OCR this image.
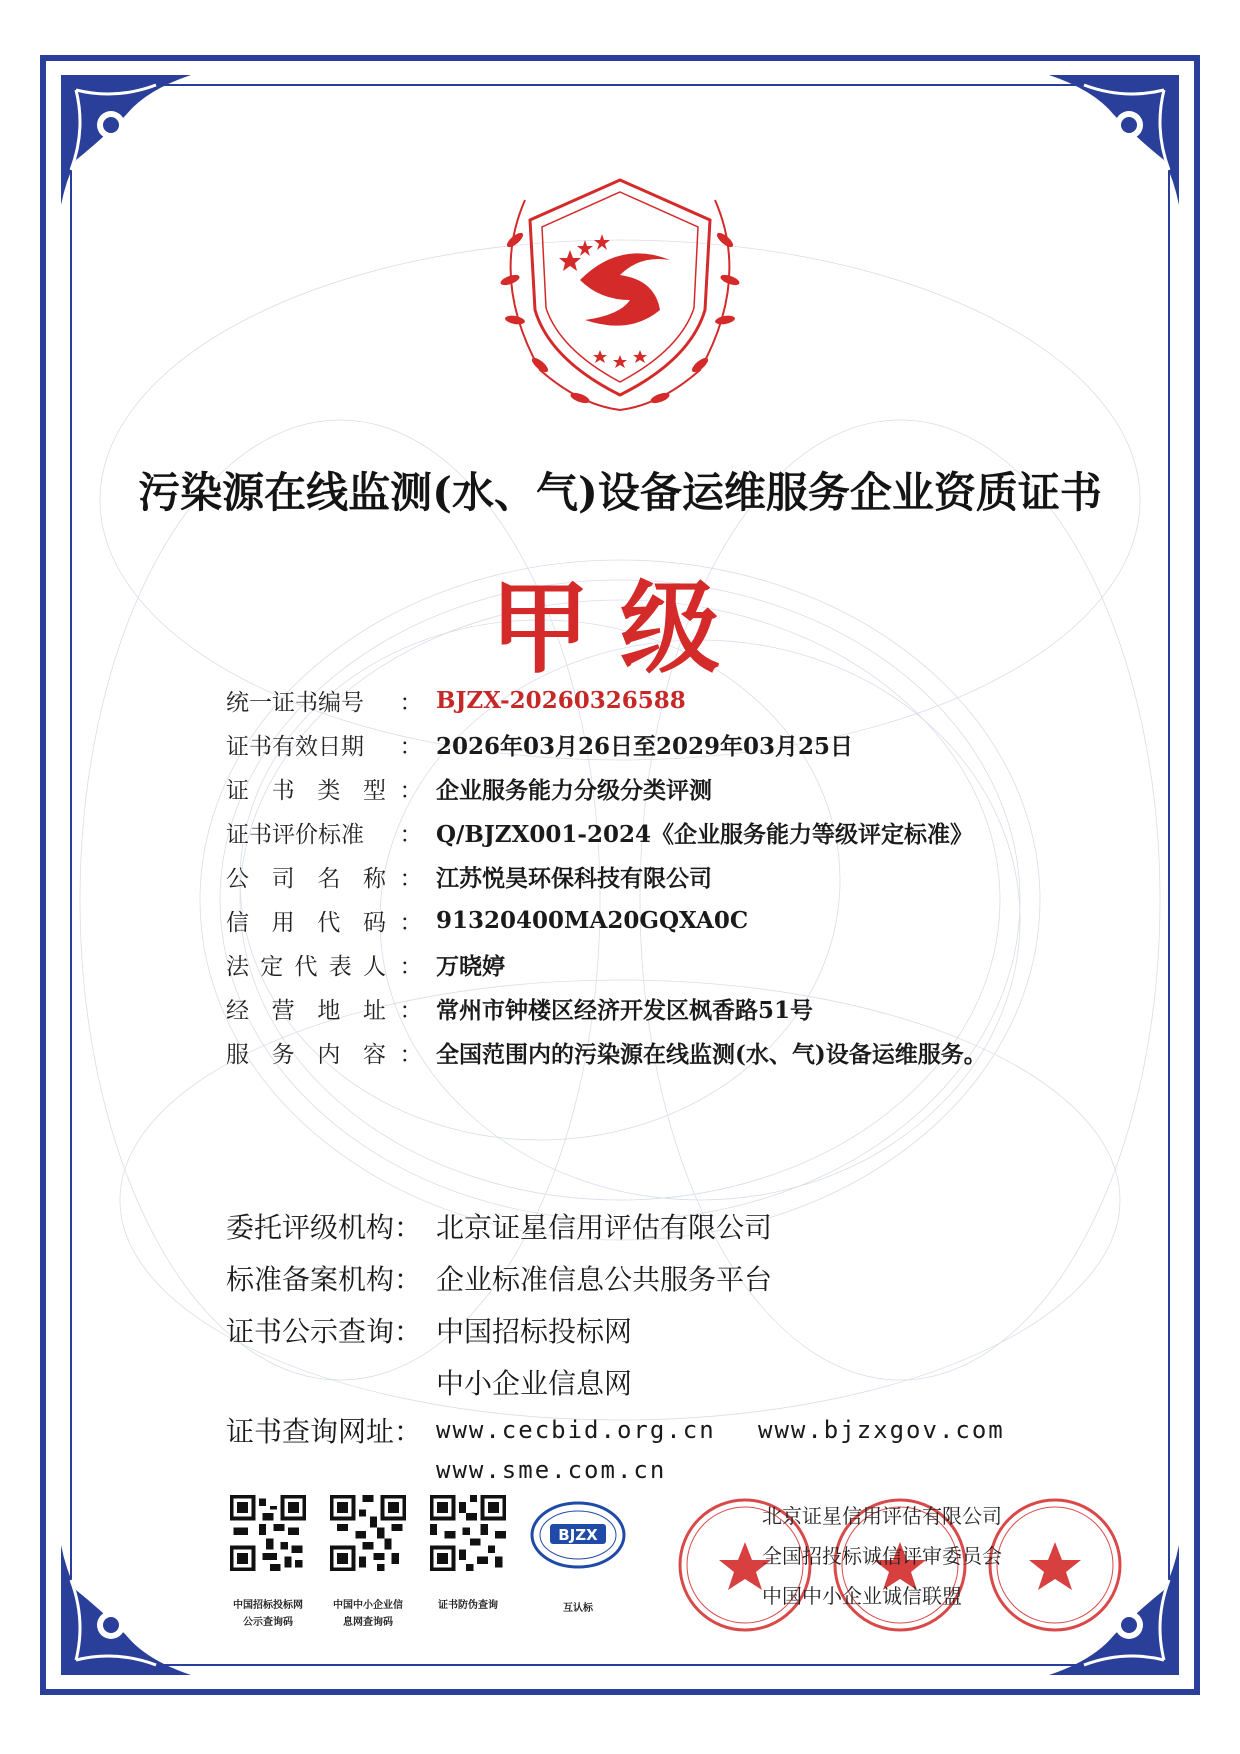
污染源在线监测(水、气)设备运维服务企业资质证书
甲级
统一证书编号	： BJZX-20260326588
证书有效日期	： 2026年03月26日至2029年03月25日
证 书 类 型 ： 企业服务能力分级分类评测
证书评价标准	： Q/BJZX001-2024《企业服务能力等级评定标准》
公 司 名 称 ： 江苏悦昊环保科技有限公司
信 用 代 码 ： 91320400MA20GQXA0C
法 定 代 表 人 ： 万晓婷
经 营 地 址 ： 常州市钟楼区经济开发区枫香路51号
服 务 内 容 ： 全国范围内的污染源在线监测(水、气)设备运维服务。
委托评级机构： 北京证星信用评估有限公司
标准备案机构： 企业标准信息公共服务平台
证书公示查询： 中国招标投标网
中小企业信息网
证书查询网址： www.cecbid.org.cn	www.bjzxgov.com
www.sme.com.cn
中国招标投标网
公示查询码
中国中小企业信
息网查询码
证书防伪查询
BJZX
互认标
北京证星信用评估有限公司
全国招投标诚信评审委员会
中国中小企业诚信联盟
